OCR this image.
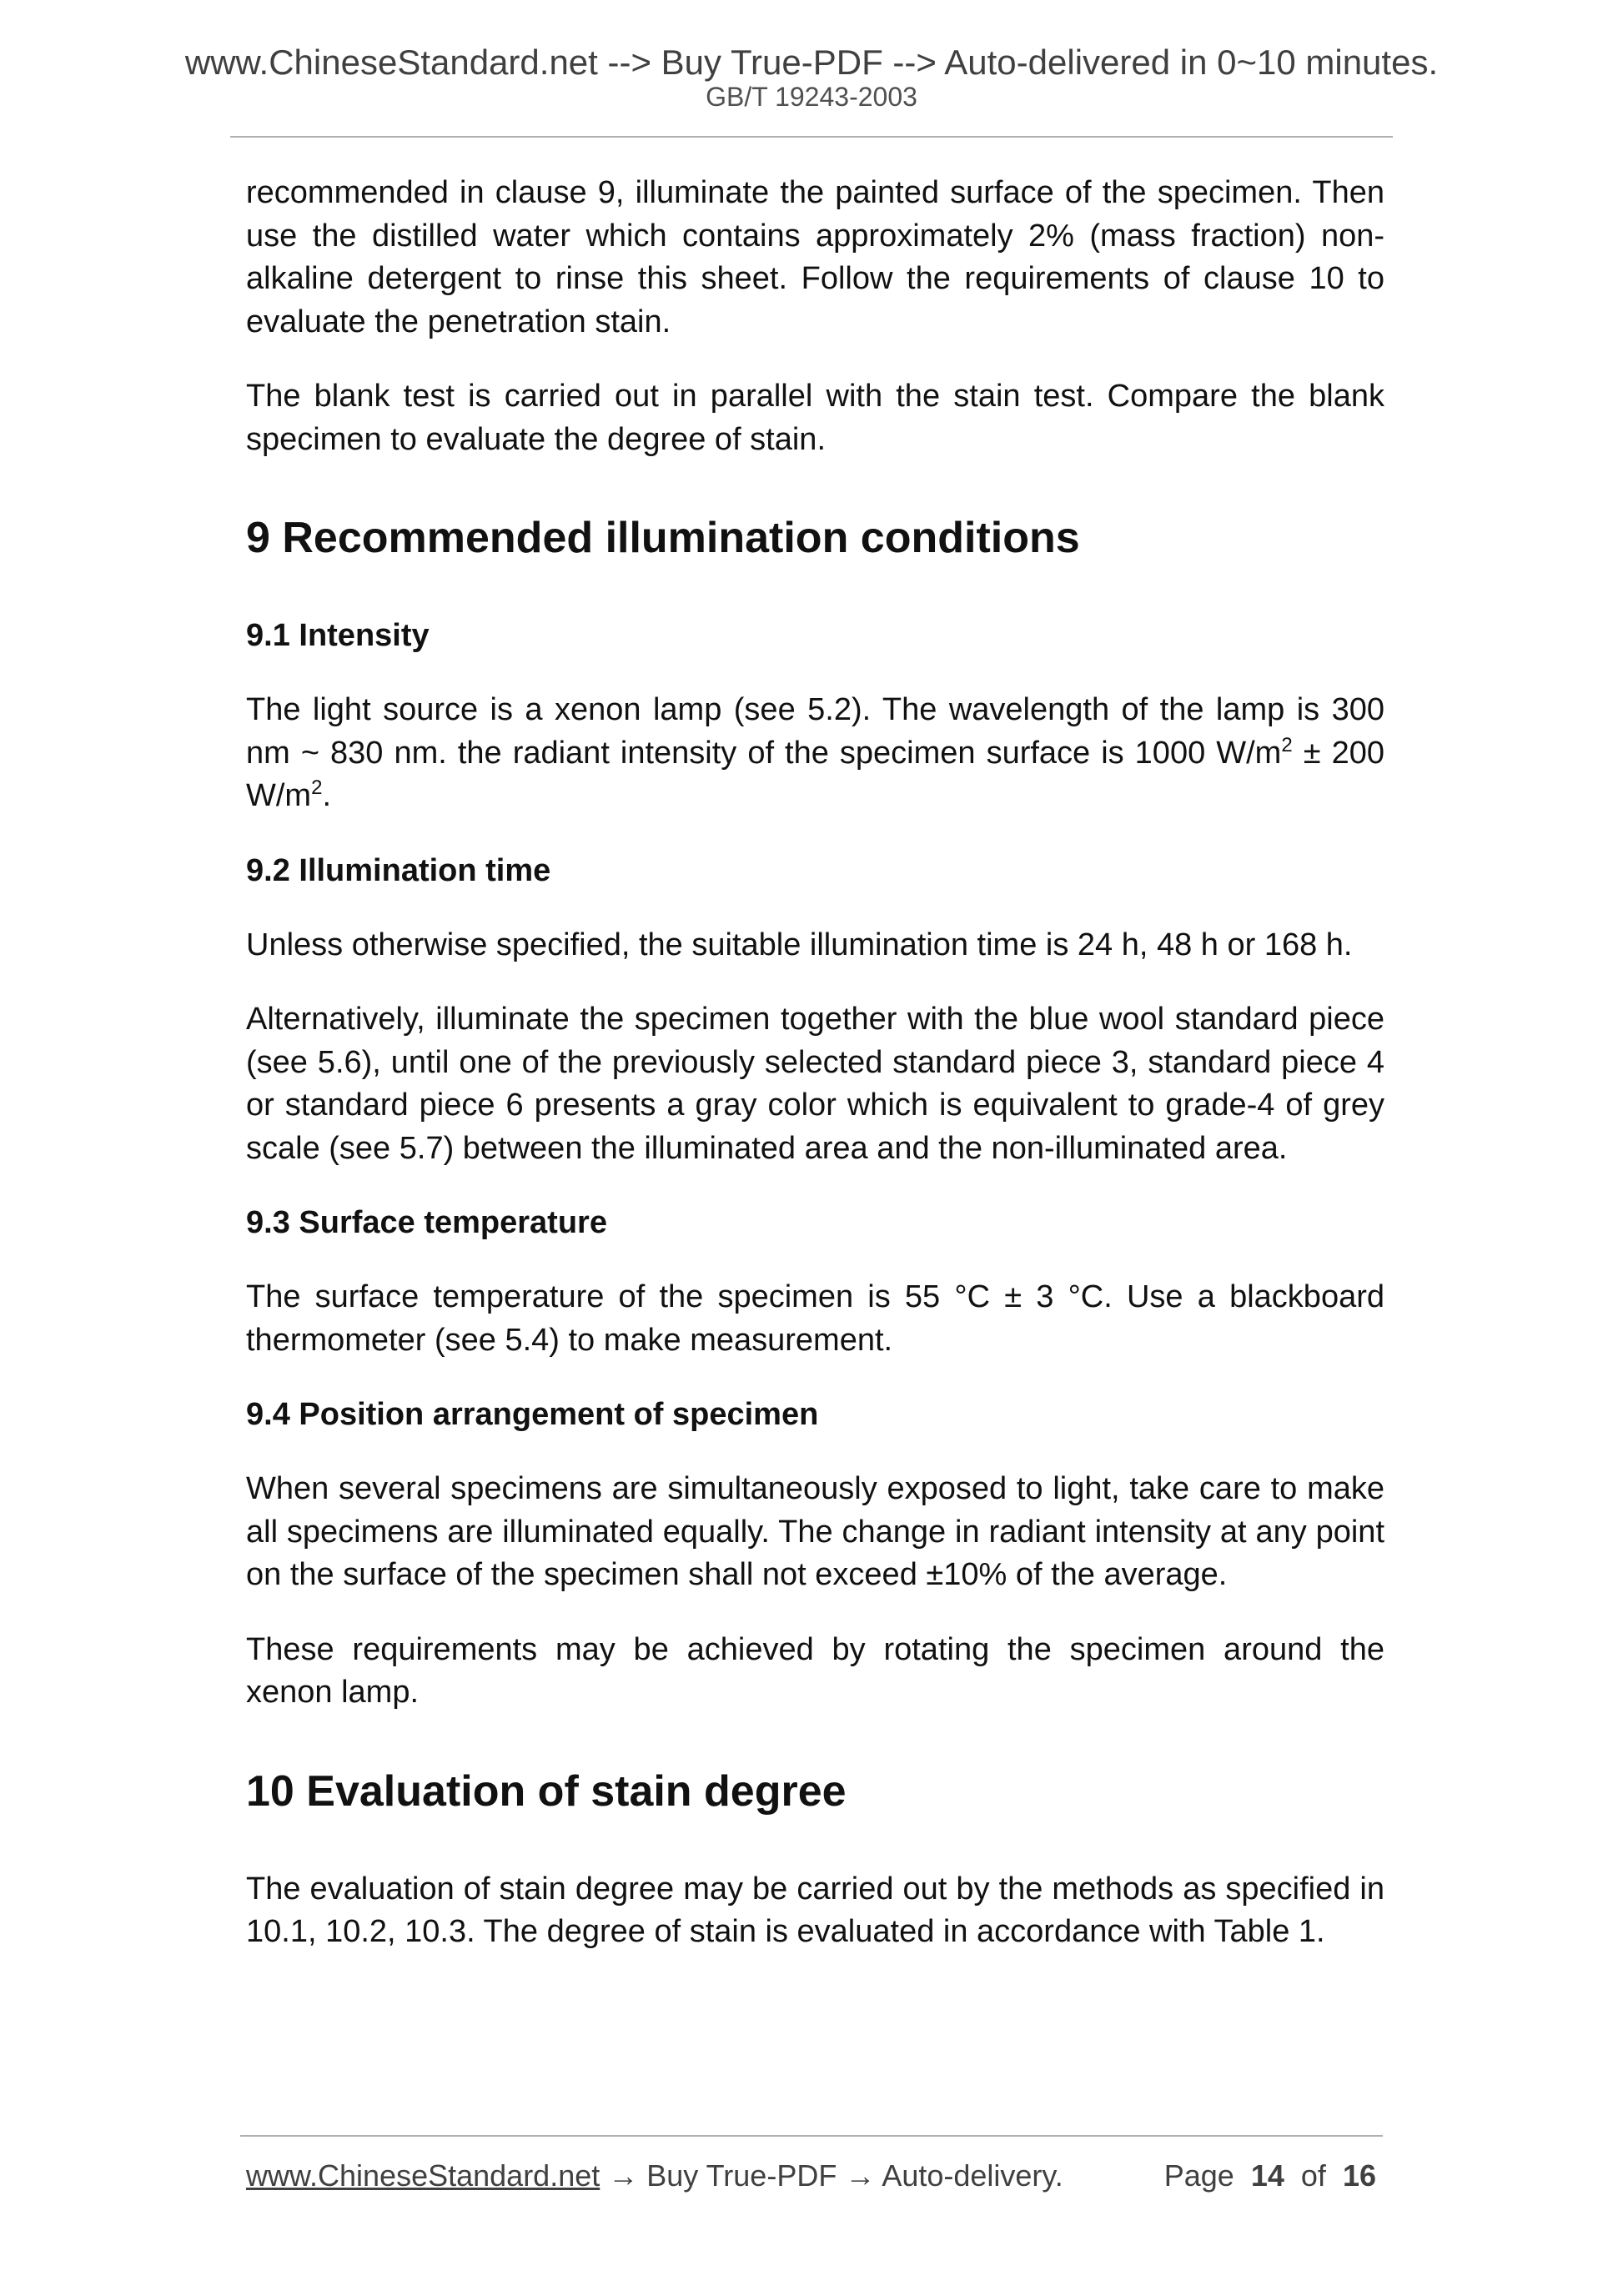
www.ChineseStandard.net --> Buy True-PDF --> Auto-delivered in 0~10 minutes.
GB/T 19243-2003

recommended in clause 9, illuminate the painted surface of the specimen. Then use the distilled water which contains approximately 2% (mass fraction) non-alkaline detergent to rinse this sheet. Follow the requirements of clause 10 to evaluate the penetration stain.

The blank test is carried out in parallel with the stain test. Compare the blank specimen to evaluate the degree of stain.

9 Recommended illumination conditions
9.1 Intensity

The light source is a xenon lamp (see 5.2). The wavelength of the lamp is 300 nm ~ 830 nm. the radiant intensity of the specimen surface is 1000 $W/m^2 \pm 200$ $W/m^2$.

9.2 Illumination time

Unless otherwise specified, the suitable illumination time is 24 h, 48 h or 168 h.

Alternatively, illuminate the specimen together with the blue wool standard piece (see 5.6), until one of the previously selected standard piece 3, standard piece 4 or standard piece 6 presents a gray color which is equivalent to grade-4 of grey scale (see 5.7) between the illuminated area and the non-illuminated area.

9.3 Surface temperature

The surface temperature of the specimen is 55 °C ± 3 °C. Use a blackboard thermometer (see 5.4) to make measurement.

9.4 Position arrangement of specimen

When several specimens are simultaneously exposed to light, take care to make all specimens are illuminated equally. The change in radiant intensity at any point on the surface of the specimen shall not exceed ±10% of the average.

These requirements may be achieved by rotating the specimen around the xenon lamp.

10 Evaluation of stain degree

The evaluation of stain degree may be carried out by the methods as specified in 10.1, 10.2, 10.3. The degree of stain is evaluated in accordance with Table 1.

www.ChineseStandard.net → Buy True-PDF → Auto-delivery.	Page 14 of 16
